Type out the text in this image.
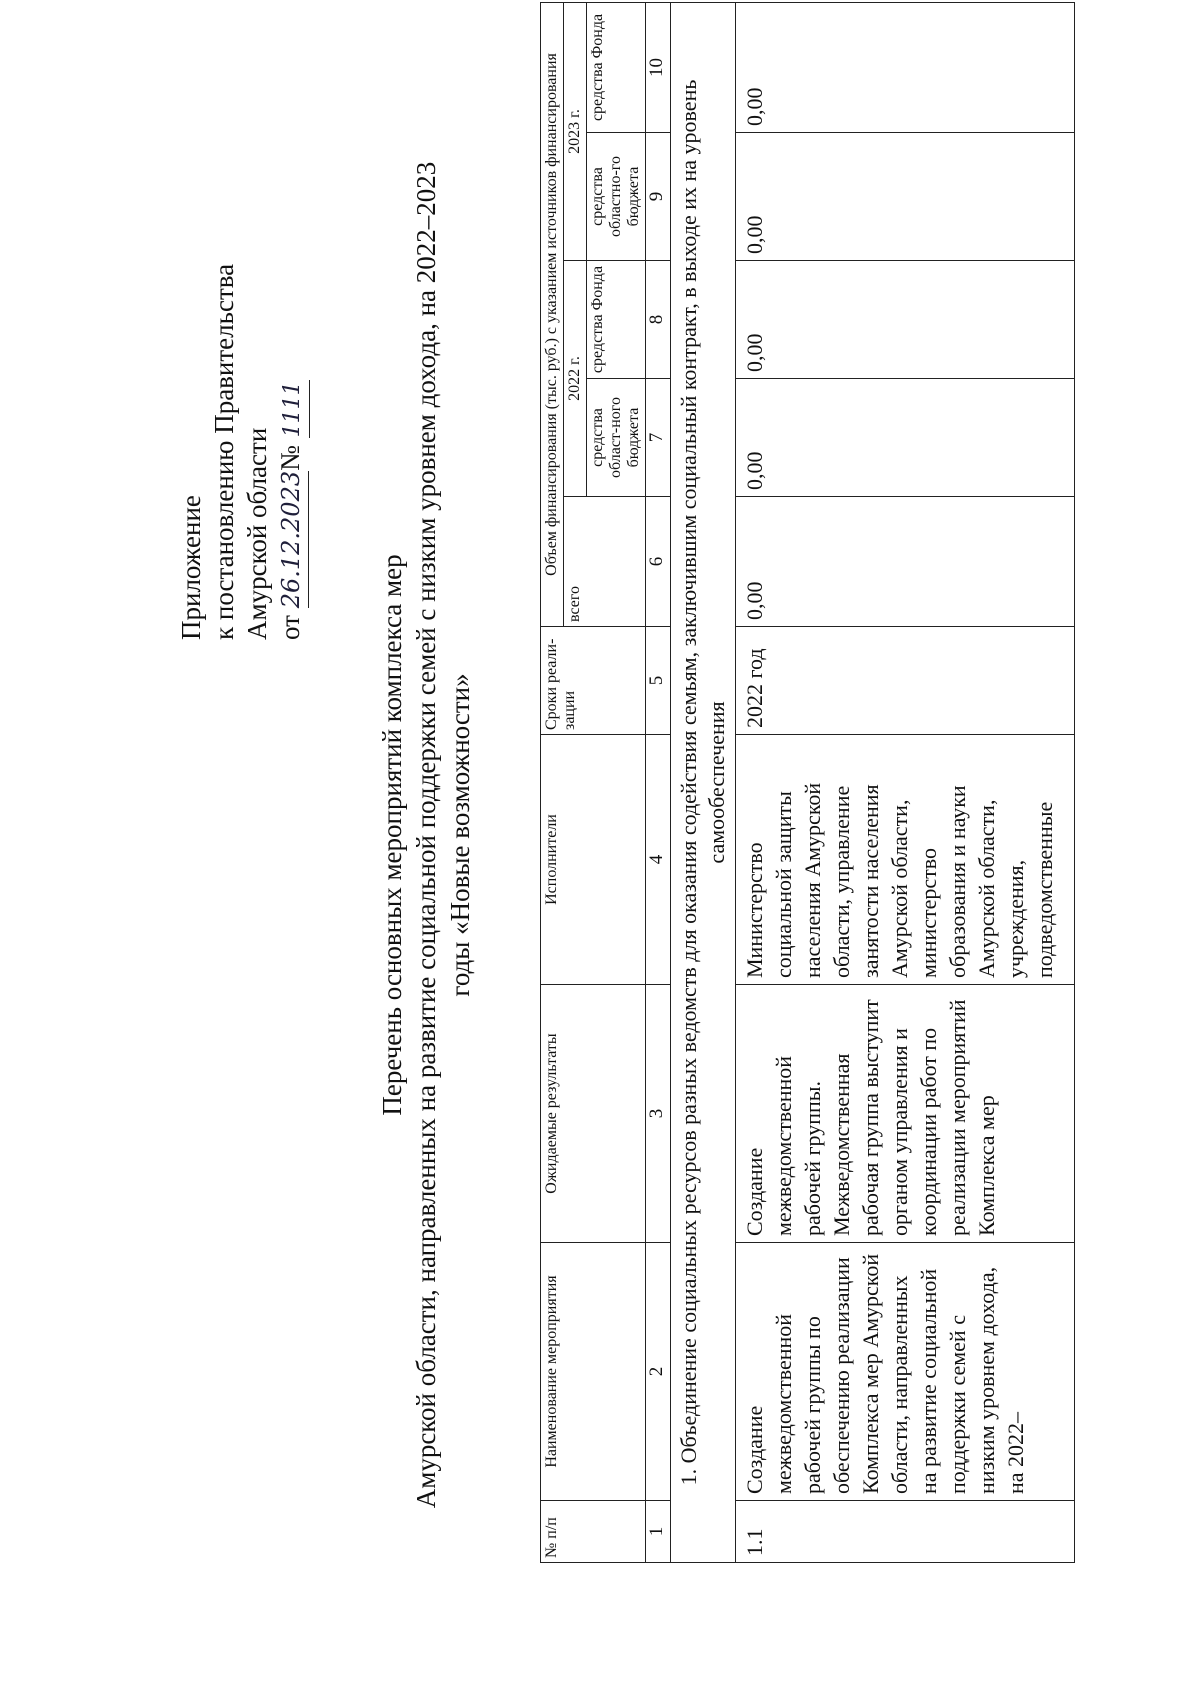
Приложение к постановлению Правительства Амурской области от 26.12.2023№ 1111
Перечень основных мероприятий комплекса мер Амурской области, направленных на развитие социальной поддержки семей с низким уровнем дохода, на 2022–2023 годы «Новые возможности»
№ п/п	Наименование мероприятия	Ожидаемые результаты	Исполнители	Сроки реали-зации	Объем финансирования (тыс. руб.) с указанием источников финансирования				
					всего	2022 г.		2023 г.	
						средства област-ного бюджета	средства Фонда	средства областно-го бюджета	средства Фонда
1	2	3	4	5	6	7	8	9	10
1. Объединение социальных ресурсов разных ведомств для оказания содействия семьям, заключившим социальный контракт, в выходе их на уровень самообеспечения									
1.1	Создание межведомственной рабочей группы по обеспечению реализации Комплекса мер Амурской области, направленных на развитие социальной поддержки семей с низким уровнем дохода, на 2022–	Создание межведомственной рабочей группы. Межведомственная рабочая группа выступит органом управления и координации работ по реализации мероприятий Комплекса мер	Министерство социальной защиты населения Амурской области, управление занятости населения Амурской области, министерство образования и науки Амурской области, учреждения, подведомственные	2022 год	0,00	0,00	0,00	0,00	0,00
